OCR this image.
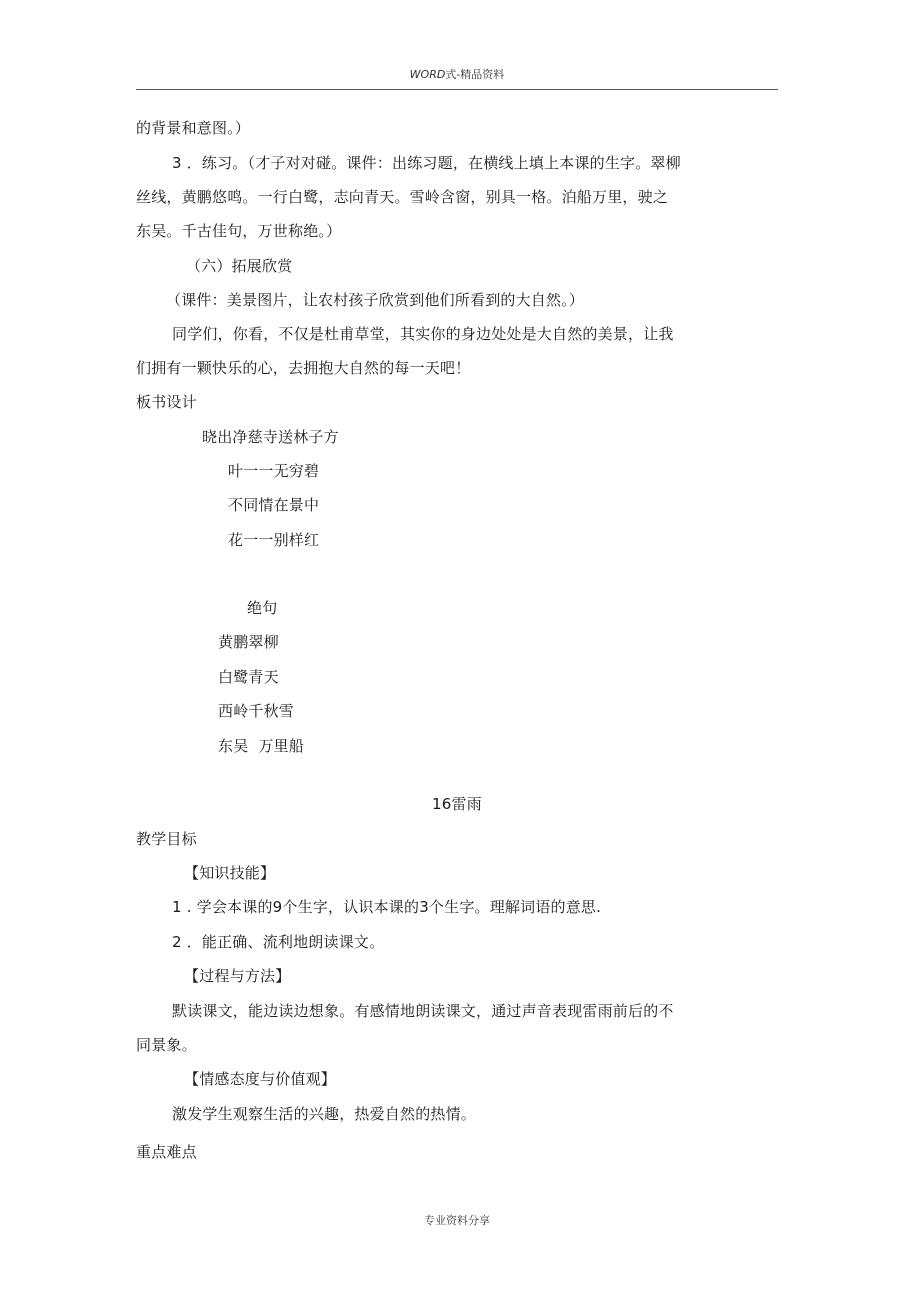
WORD式-精品资料
的背景和意图。）
3 ．练习。（才子对对碰。课件：出练习题，在横线上填上本课的生字。翠柳
丝线，黄鹏悠鸣。一行白鹭，志向青天。雪岭含窗，别具一格。泊船万里，驶之
东吴。千古佳句，万世称绝。）
（六）拓展欣赏
（课件：美景图片，让农村孩子欣赏到他们所看到的大自然。）
同学们，你看，不仅是杜甫草堂，其实你的身边处处是大自然的美景，让我
们拥有一颗快乐的心，去拥抱大自然的每一天吧！
板书设计
晓出净慈寺送林子方
叶一一无穷碧
不同情在景中
花一一别样红
绝句
黄鹏翠柳
白鹭青天
西岭千秋雪
东吴  万里船
16雷雨
教学目标
【知识技能】
1 . 学会本课的9个生字，认识本课的3个生字。理解词语的意思.
2 ．能正确、流利地朗读课文。
【过程与方法】
默读课文，能边读边想象。有感情地朗读课文，通过声音表现雷雨前后的不
同景象。
【情感态度与价值观】
激发学生观察生活的兴趣，热爱自然的热情。
重点难点
专业资料分享
